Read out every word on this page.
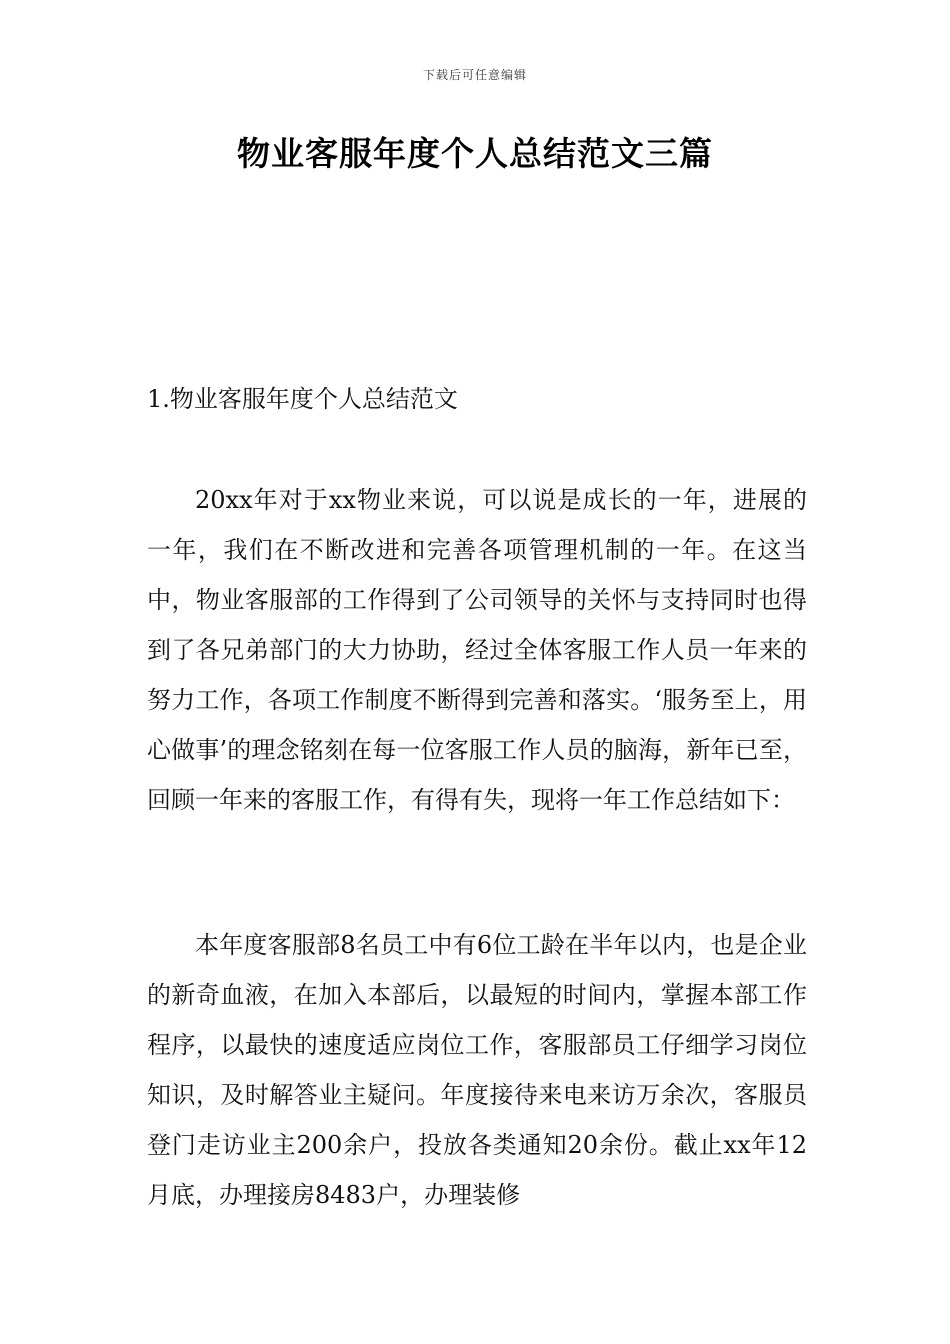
下载后可任意编辑
物业客服年度个人总结范文三篇
1.物业客服年度个人总结范文

20xx年对于xx物业来说，可以说是成长的一年，进展的一年，我们在不断改进和完善各项管理机制的一年。在这当中，物业客服部的工作得到了公司领导的关怀与支持同时也得到了各兄弟部门的大力协助，经过全体客服工作人员一年来的努力工作，各项工作制度不断得到完善和落实。‘服务至上，用心做事’的理念铭刻在每一位客服工作人员的脑海，新年已至，回顾一年来的客服工作，有得有失，现将一年工作总结如下：

本年度客服部8名员工中有6位工龄在半年以内，也是企业的新奇血液，在加入本部后，以最短的时间内，掌握本部工作程序，以最快的速度适应岗位工作，客服部员工仔细学习岗位知识，及时解答业主疑问。年度接待来电来访万余次，客服员登门走访业主200余户，投放各类通知20余份。截止xx年12月底，办理接房8483户，办理装修
